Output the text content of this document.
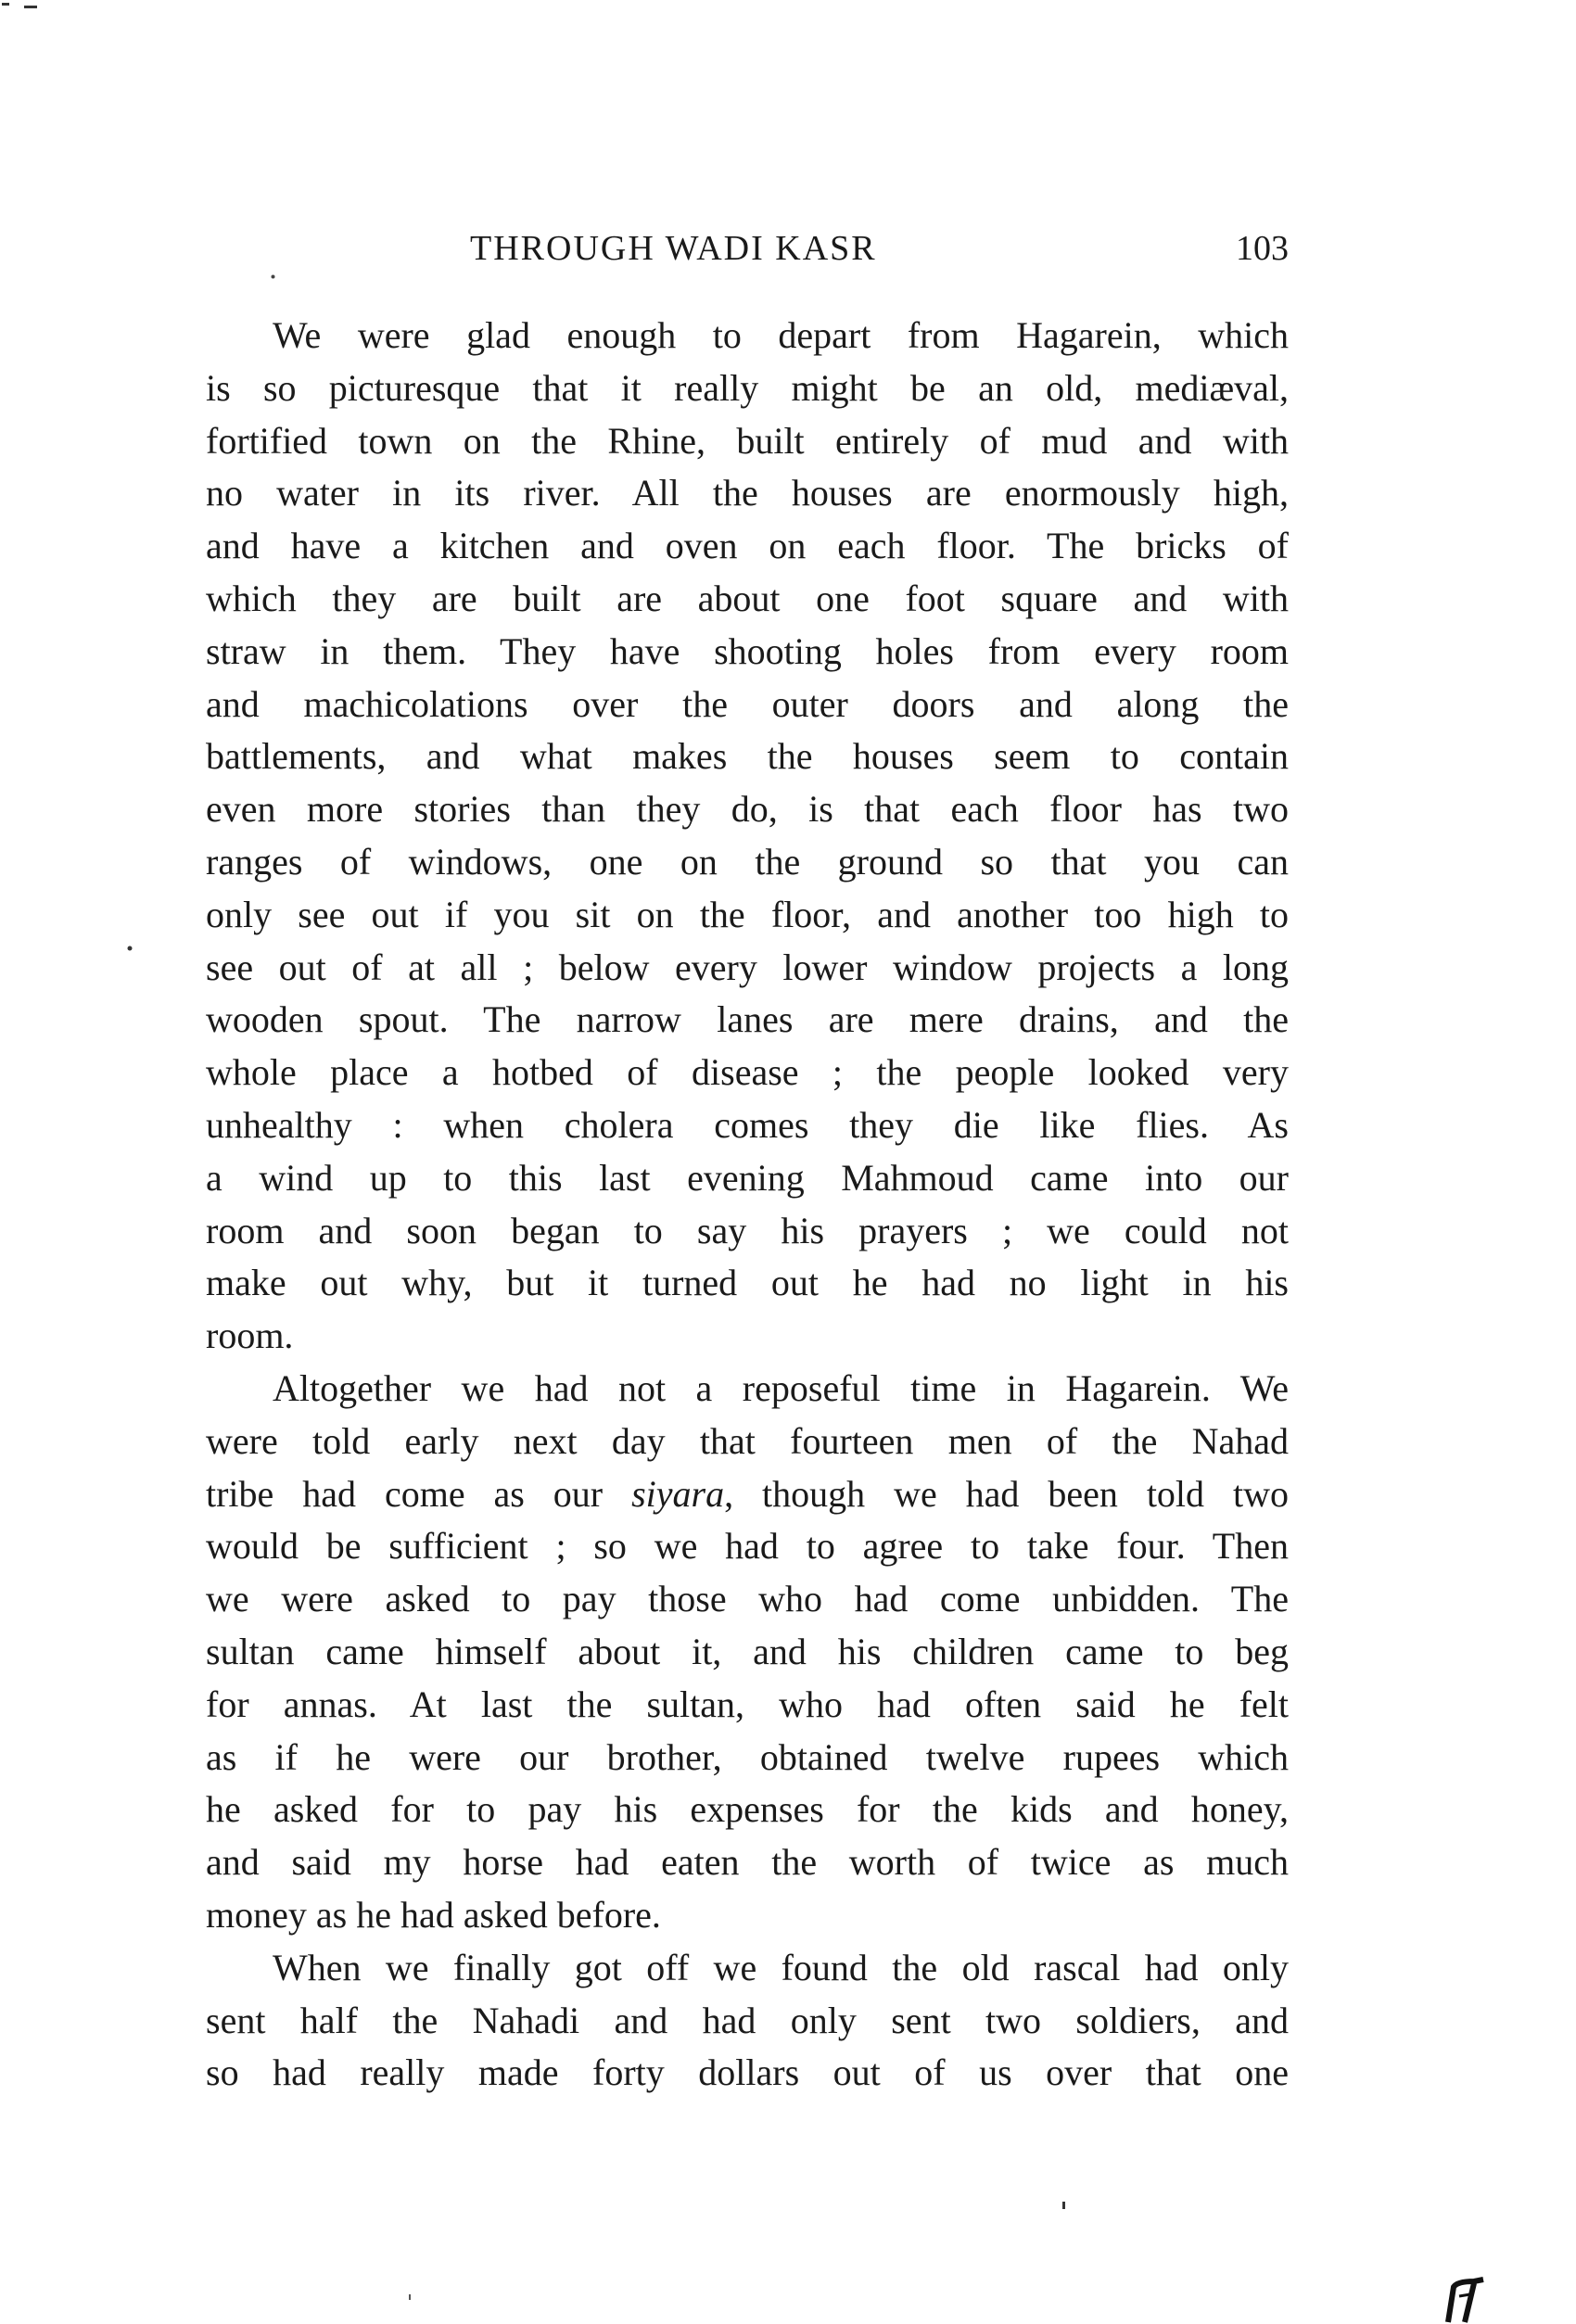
THROUGH WADI KASR	103
We were glad enough to depart from Hagarein, which
is so picturesque that it really might be an old, mediæval,
fortified town on the Rhine, built entirely of mud and with
no water in its river. All the houses are enormously high,
and have a kitchen and oven on each floor. The bricks of
which they are built are about one foot square and with
straw in them. They have shooting holes from every room
and machicolations over the outer doors and along the
battlements, and what makes the houses seem to contain
even more stories than they do, is that each floor has two
ranges of windows, one on the ground so that you can
only see out if you sit on the floor, and another too high to
see out of at all ; below every lower window projects a long
wooden spout. The narrow lanes are mere drains, and the
whole place a hotbed of disease ; the people looked very
unhealthy : when cholera comes they die like flies. As
a wind up to this last evening Mahmoud came into our
room and soon began to say his prayers ; we could not
make out why, but it turned out he had no light in his
room.
Altogether we had not a reposeful time in Hagarein. We
were told early next day that fourteen men of the Nahad
tribe had come as our siyara, though we had been told two
would be sufficient ; so we had to agree to take four. Then
we were asked to pay those who had come unbidden. The
sultan came himself about it, and his children came to beg
for annas. At last the sultan, who had often said he felt
as if he were our brother, obtained twelve rupees which
he asked for to pay his expenses for the kids and honey,
and said my horse had eaten the worth of twice as much
money as he had asked before.
When we finally got off we found the old rascal had only
sent half the Nahadi and had only sent two soldiers, and
so had really made forty dollars out of us over that one
